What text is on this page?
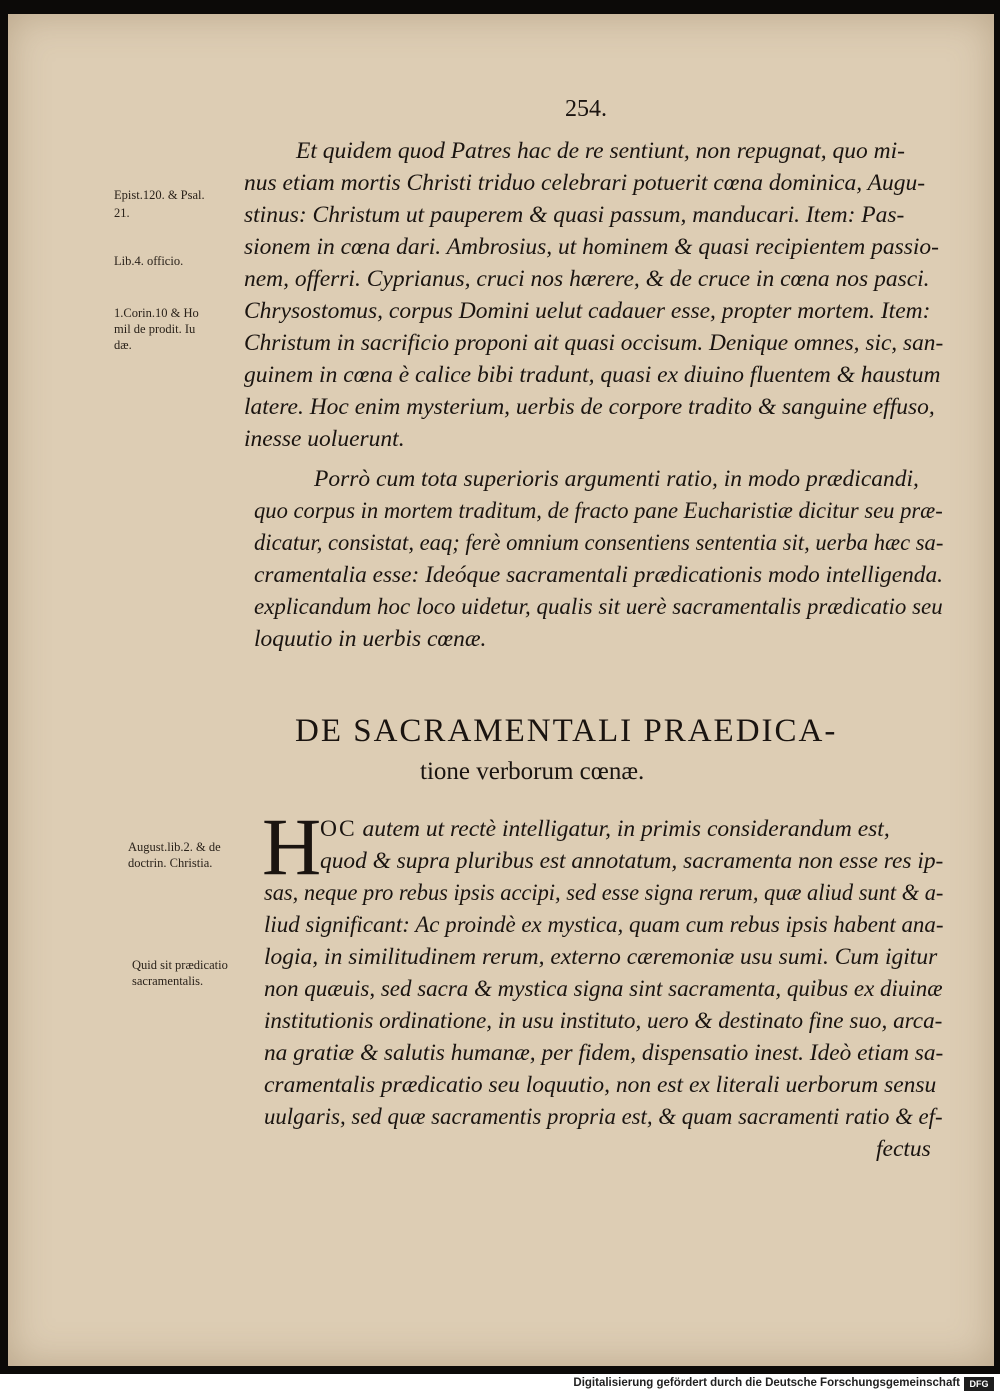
254.
Epist.120. & Psal.
21.
Lib.4. officio.
1.Corin.10 & Ho
mil de prodit. Iu
dæ.
August.lib.2. & de
doctrin. Christia.
Quid sit prædicatio
sacramentalis.
Et quidem quod Patres hac de re sentiunt, non repugnat, quo mi-
nus etiam mortis Christi triduo celebrari potuerit cœna dominica, Augu-
stinus: Christum ut pauperem & quasi passum, manducari. Item: Pas-
sionem in cœna dari. Ambrosius, ut hominem & quasi recipientem passio-
nem, offerri. Cyprianus, cruci nos hærere, & de cruce in cœna nos pasci.
Chrysostomus, corpus Domini uelut cadauer esse, propter mortem. Item:
Christum in sacrificio proponi ait quasi occisum. Denique omnes, sic, san-
guinem in cœna è calice bibi tradunt, quasi ex diuino fluentem & haustum
latere. Hoc enim mysterium, uerbis de corpore tradito & sanguine effuso,
inesse uoluerunt.
Porrò cum tota superioris argumenti ratio, in modo prædicandi,
quo corpus in mortem traditum, de fracto pane Eucharistiæ dicitur seu præ-
dicatur, consistat, eaq; ferè omnium consentiens sententia sit, uerba hæc sa-
cramentalia esse: Ideóque sacramentali prædicationis modo intelligenda.
explicandum hoc loco uidetur, qualis sit uerè sacramentalis prædicatio seu
loquutio in uerbis cœnæ.
DE SACRAMENTALI PRAEDICA-
tione verborum cœnæ.
H
OC autem ut rectè intelligatur, in primis considerandum est,
quod & supra pluribus est annotatum, sacramenta non esse res ip-
sas, neque pro rebus ipsis accipi, sed esse signa rerum, quæ aliud sunt & a-
liud significant: Ac proindè ex mystica, quam cum rebus ipsis habent ana-
logia, in similitudinem rerum, externo cæremoniæ usu sumi. Cum igitur
non quæuis, sed sacra & mystica signa sint sacramenta, quibus ex diuinæ
institutionis ordinatione, in usu instituto, uero & destinato fine suo, arca-
na gratiæ & salutis humanæ, per fidem, dispensatio inest. Ideò etiam sa-
cramentalis prædicatio seu loquutio, non est ex literali uerborum sensu
uulgaris, sed quæ sacramentis propria est, & quam sacramenti ratio & ef-
fectus
Digitalisierung gefördert durch die Deutsche Forschungsgemeinschaft	DFG
